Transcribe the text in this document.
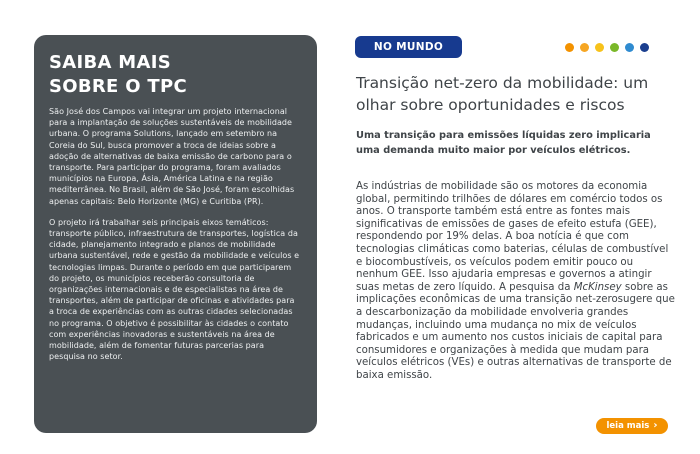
SAIBA MAIS
SOBRE O TPC

São José dos Campos vai integrar um projeto internacional para a implantação de soluções sustentáveis de mobilidade urbana. O programa Solutions, lançado em setembro na Coreia do Sul, busca promover a troca de ideias sobre a adoção de alternativas de baixa emissão de carbono para o transporte. Para participar do programa, foram avaliados municípios na Europa, Ásia, América Latina e na região mediterrânea. No Brasil, além de São José, foram escolhidas apenas capitais: Belo Horizonte (MG) e Curitiba (PR).

O projeto irá trabalhar seis principais eixos temáticos: transporte público, infraestrutura de transportes, logística da cidade, planejamento integrado e planos de mobilidade urbana sustentável, rede e gestão da mobilidade e veículos e tecnologias limpas. Durante o período em que participarem do projeto, os municípios receberão consultoria de organizações internacionais e de especialistas na área de transportes, além de participar de oficinas e atividades para a troca de experiências com as outras cidades selecionadas no programa. O objetivo é possibilitar às cidades o contato com experiências inovadoras e sustentáveis na área de mobilidade, além de fomentar futuras parcerias para pesquisa no setor.

NO MUNDO
Transição net-zero da mobilidade: um olhar sobre oportunidades e riscos

Uma transição para emissões líquidas zero implicaria uma demanda muito maior por veículos elétricos.

As indústrias de mobilidade são os motores da economia global, permitindo trilhões de dólares em comércio todos os anos. O transporte também está entre as fontes mais significativas de emissões de gases de efeito estufa (GEE), respondendo por 19% delas. A boa notícia é que com tecnologias climáticas como baterias, células de combustível e biocombustíveis, os veículos podem emitir pouco ou nenhum GEE. Isso ajudaria empresas e governos a atingir suas metas de zero líquido. A pesquisa da McKinsey sobre as implicações econômicas de uma transição net-zerosugere que a descarbonização da mobilidade envolveria grandes mudanças, incluindo uma mudança no mix de veículos fabricados e um aumento nos custos iniciais de capital para consumidores e organizações à medida que mudam para veículos elétricos (VEs) e outras alternativas de transporte de baixa emissão.

leia mais ›
